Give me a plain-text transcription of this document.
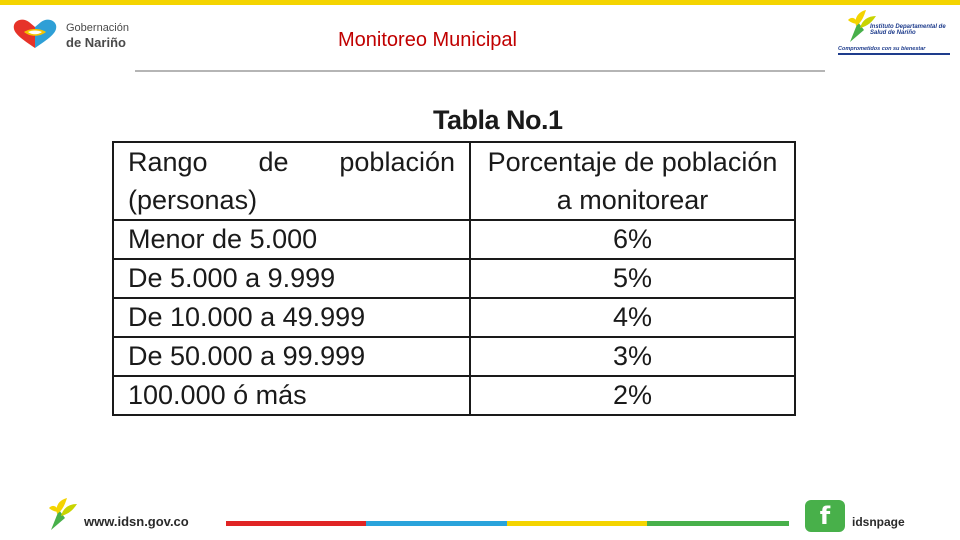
Gobernación
de Nariño	Monitoreo Municipal
Instituto Departamental de Salud de Nariño
Comprometidos con su bienestar
Tabla No.1
Rango de población (personas)	Porcentaje de población a monitorear
Menor de 5.000	6%
De 5.000 a 9.999	5%
De 10.000 a 49.999	4%
De 50.000 a 99.999	3%
100.000 ó más	2%
www.idsn.gov.co	f	idsnpage
